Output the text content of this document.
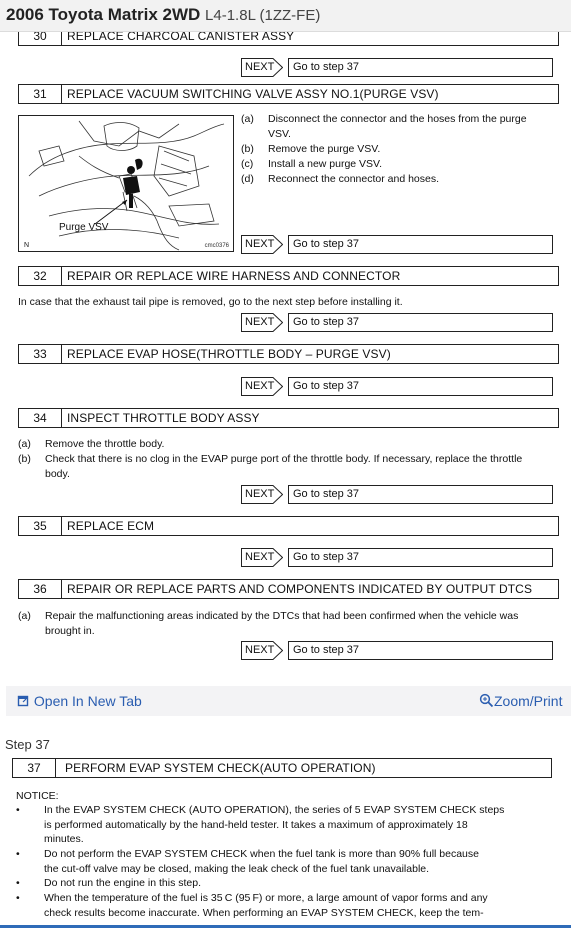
2006 Toyota Matrix 2WD L4-1.8L (1ZZ-FE)
30	REPLACE CHARCOAL CANISTER ASSY
NEXT	Go to step 37
31	REPLACE VACUUM SWITCHING VALVE ASSY NO.1(PURGE VSV)
Purge VSV
N	cmc0376
(a) Disconnect the connector and the hoses from the purge
VSV.
(b) Remove the purge VSV.
(c) Install a new purge VSV.
(d) Reconnect the connector and hoses.
NEXT	Go to step 37
32	REPAIR OR REPLACE WIRE HARNESS AND CONNECTOR
In case that the exhaust tail pipe is removed, go to the next step before installing it.
NEXT	Go to step 37
33	REPLACE EVAP HOSE(THROTTLE BODY – PURGE VSV)
NEXT	Go to step 37
34	INSPECT THROTTLE BODY ASSY
(a) Remove the throttle body.
(b) Check that there is no clog in the EVAP purge port of the throttle body. If necessary, replace the throttle
body.
NEXT	Go to step 37
35	REPLACE ECM
NEXT	Go to step 37
36	REPAIR OR REPLACE PARTS AND COMPONENTS INDICATED BY OUTPUT DTCS
(a) Repair the malfunctioning areas indicated by the DTCs that had been confirmed when the vehicle was
brought in.
NEXT	Go to step 37
Open In New Tab	Zoom/Print
Step 37
37	PERFORM EVAP SYSTEM CHECK(AUTO OPERATION)
NOTICE:
• In the EVAP SYSTEM CHECK (AUTO OPERATION), the series of 5 EVAP SYSTEM CHECK steps
is performed automatically by the hand-held tester. It takes a maximum of approximately 18
minutes.
• Do not perform the EVAP SYSTEM CHECK when the fuel tank is more than 90% full because
the cut-off valve may be closed, making the leak check of the fuel tank unavailable.
• Do not run the engine in this step.
• When the temperature of the fuel is 35 C (95 F) or more, a large amount of vapor forms and any
check results become inaccurate. When performing an EVAP SYSTEM CHECK, keep the tem-
